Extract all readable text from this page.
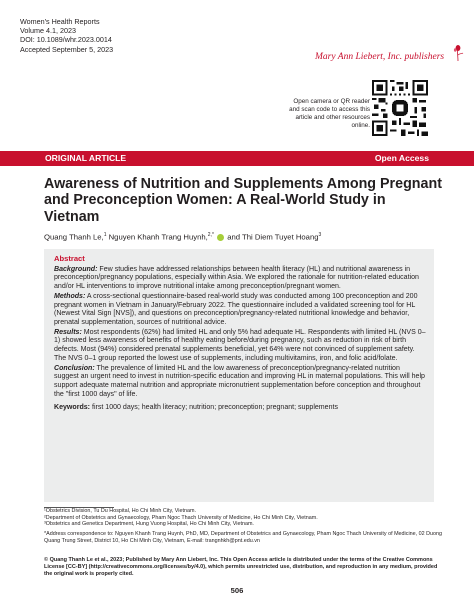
Women's Health Reports
Volume 4.1, 2023
DOI: 10.1089/whr.2023.0014
Accepted September 5, 2023
Mary Ann Liebert, Inc. publishers
Open camera or QR reader and scan code to access this article and other resources online.
ORIGINAL ARTICLE	Open Access
Awareness of Nutrition and Supplements Among Pregnant and Preconception Women: A Real-World Study in Vietnam
Quang Thanh Le,$^1$ Nguyen Khanh Trang Huynh,$^{2,*}$  and Thi Diem Tuyet Hoang$^3$
Abstract

Background: Few studies have addressed relationships between health literacy (HL) and nutritional awareness in preconception/pregnancy populations, especially within Asia. We explored the rationale for nutrition-related education and/or HL interventions to improve nutritional intake among preconception/pregnant women.

Methods: A cross-sectional questionnaire-based real-world study was conducted among 100 preconception and 200 pregnant women in Vietnam in January/February 2022. The questionnaire included a validated screening tool for HL (Newest Vital Sign [NVS]), and questions on preconception/pregnancy-related nutritional knowledge and behavior, prenatal supplementation, sources of nutritional advice.

Results: Most respondents (62%) had limited HL and only 5% had adequate HL. Respondents with limited HL (NVS 0–1) showed less awareness of benefits of healthy eating before/during pregnancy, such as reduction in risk of birth defects. Most (94%) considered prenatal supplements beneficial, yet 64% were not convinced of supplement safety. The NVS 0–1 group reported the lowest use of supplements, including multivitamins, iron, and folic acid/folate.

Conclusion: The prevalence of limited HL and the low awareness of preconception/pregnancy-related nutrition suggest an urgent need to invest in nutrition-specific education and improving HL in maternal populations. This will help support adequate maternal nutrition and appropriate micronutrient supplementation before conception and throughout the "first 1000 days" of life.

Keywords: first 1000 days; health literacy; nutrition; preconception; pregnant; supplements

¹Obstetrics Division, Tu Du Hospital, Ho Chi Minh City, Vietnam.
²Department of Obstetrics and Gynaecology, Pham Ngoc Thach University of Medicine, Ho Chi Minh City, Vietnam.
³Obstetrics and Genetics Department, Hung Vuong Hospital, Ho Chi Minh City, Vietnam.
*Address correspondence to: Nguyen Khanh Trang Huynh, PhD, MD, Department of Obstetrics and Gynaecology, Pham Ngoc Thach University of Medicine, 02 Duong
Quang Trung Street, District 10, Ho Chi Minh City, Vietnam, E-mail: trangnhkh@pnt.edu.vn
© Quang Thanh Le et al., 2023; Published by Mary Ann Liebert, Inc. This Open Access article is distributed under the terms of the Creative Commons
License [CC-BY] (http://creativecommons.org/licenses/by/4.0), which permits unrestricted use, distribution, and reproduction in any medium, provided
the original work is properly cited.
506
